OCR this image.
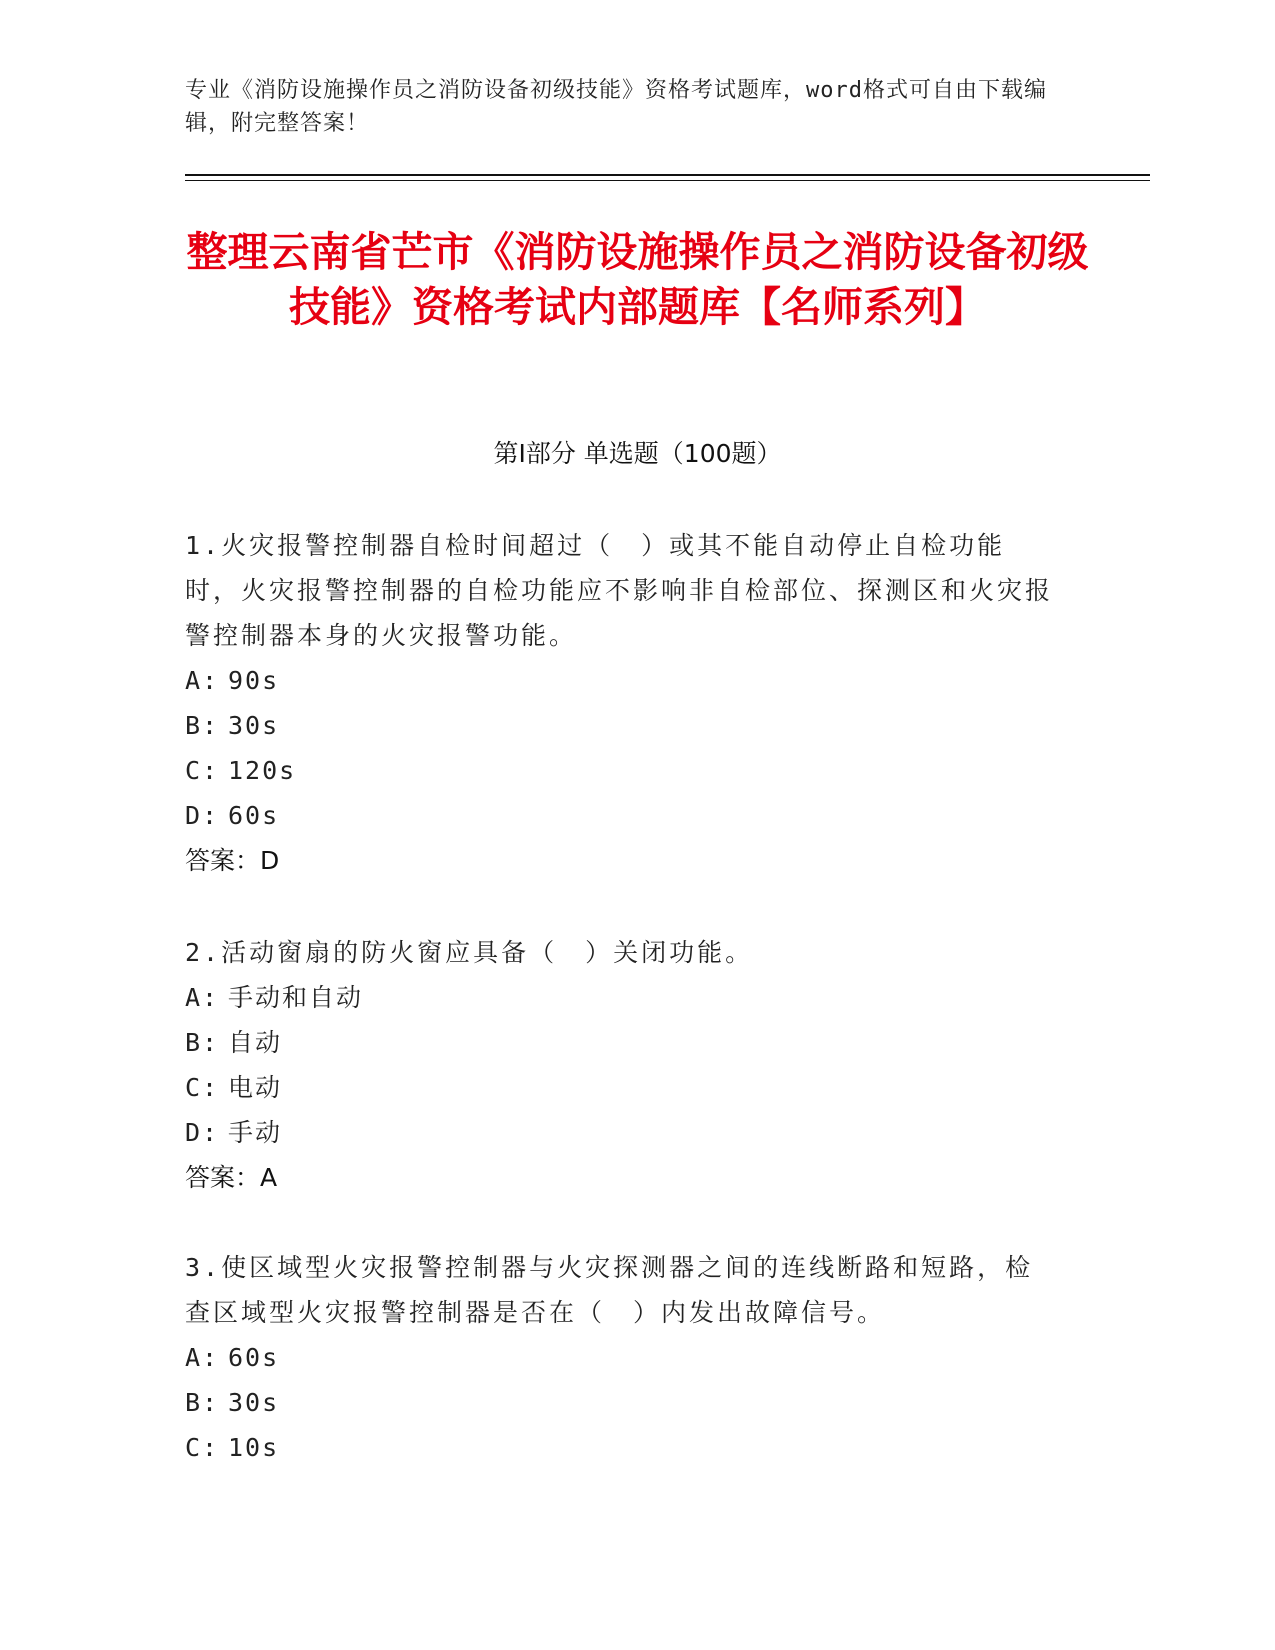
专业《消防设施操作员之消防设备初级技能》资格考试题库，word格式可自由下载编辑，附完整答案！
整理云南省芒市《消防设施操作员之消防设备初级技能》资格考试内部题库【名师系列】
第I部分 单选题（100题）
1.火灾报警控制器自检时间超过（　）或其不能自动停止自检功能时，火灾报警控制器的自检功能应不影响非自检部位、探测区和火灾报警控制器本身的火灾报警功能。
A: 90s
B: 30s
C: 120s
D: 60s
答案：D
2.活动窗扇的防火窗应具备（　）关闭功能。
A: 手动和自动
B: 自动
C: 电动
D: 手动
答案：A
3.使区域型火灾报警控制器与火灾探测器之间的连线断路和短路，检查区域型火灾报警控制器是否在（　）内发出故障信号。
A: 60s
B: 30s
C: 10s
